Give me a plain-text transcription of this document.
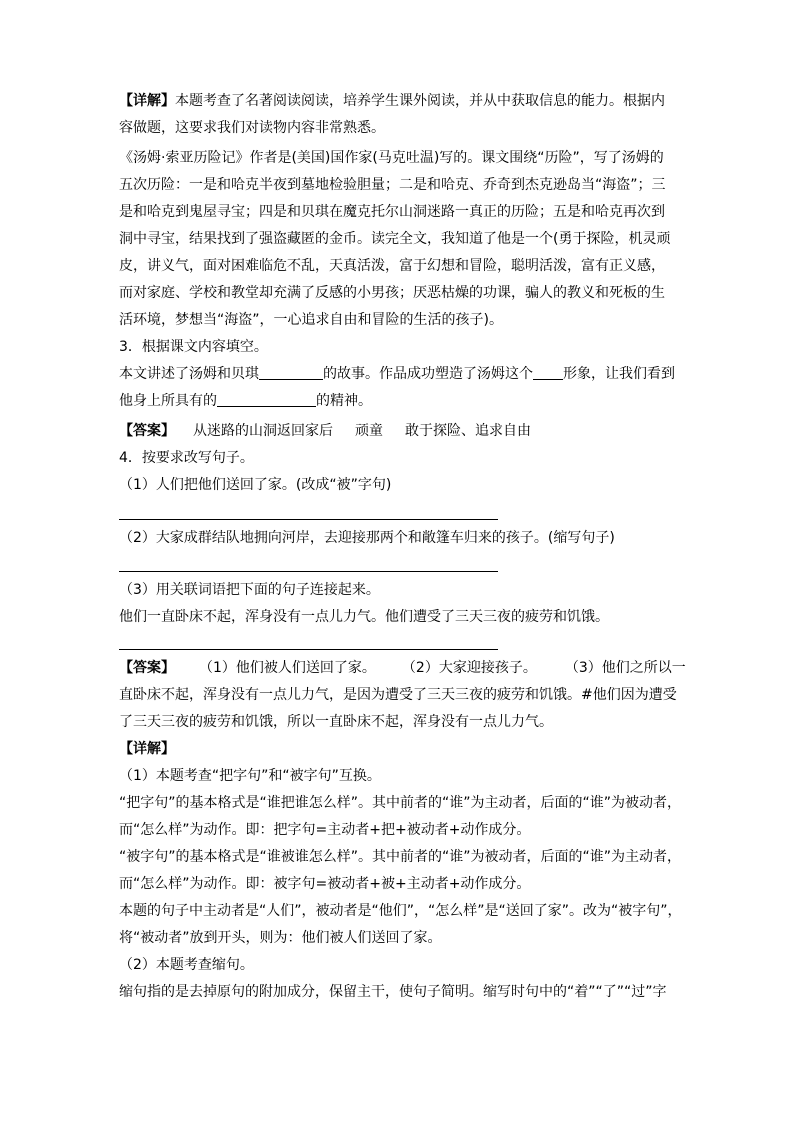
【详解】本题考查了名著阅读阅读，培养学生课外阅读，并从中获取信息的能力。根据内
容做题，这要求我们对读物内容非常熟悉。
《汤姆·索亚历险记》作者是(美国)国作家(马克吐温)写的。课文围绕“历险”，写了汤姆的
五次历险：一是和哈克半夜到墓地检验胆量；二是和哈克、乔奇到杰克逊岛当“海盗”；三
是和哈克到鬼屋寻宝；四是和贝琪在魔克托尔山洞迷路一真正的历险；五是和哈克再次到
洞中寻宝，结果找到了强盗藏匿的金币。读完全文，我知道了他是一个(勇于探险，机灵顽
皮，讲义气，面对困难临危不乱，天真活泼，富于幻想和冒险，聪明活泼，富有正义感，
而对家庭、学校和教堂却充满了反感的小男孩；厌恶枯燥的功课，骗人的教义和死板的生
活环境，梦想当“海盗”，一心追求自由和冒险的生活的孩子)。
3．根据课文内容填空。
本文讲述了汤姆和贝琪	的故事。作品成功塑造了汤姆这个 形象，让我们看到
他身上所具有的	的精神。
【答案】 从迷路的山洞返回家后 顽童 敢于探险、追求自由
4．按要求改写句子。
（1）人们把他们送回了家。(改成“被”字句)
（2）大家成群结队地拥向河岸，去迎接那两个和敞篷车归来的孩子。(缩写句子)
（3）用关联词语把下面的句子连接起来。
他们一直卧床不起，浑身没有一点儿力气。他们遭受了三天三夜的疲劳和饥饿。
【答案】 （1）他们被人们送回了家。 （2）大家迎接孩子。 （3）他们之所以一
直卧床不起，浑身没有一点儿力气，是因为遭受了三天三夜的疲劳和饥饿。#他们因为遭受
了三天三夜的疲劳和饥饿，所以一直卧床不起，浑身没有一点儿力气。
【详解】
（1）本题考查“把字句”和“被字句”互换。
“把字句”的基本格式是“谁把谁怎么样”。其中前者的“谁”为主动者，后面的“谁”为被动者，
而“怎么样”为动作。即：把字句=主动者+把+被动者+动作成分。
“被字句”的基本格式是“谁被谁怎么样”。其中前者的“谁”为被动者，后面的“谁”为主动者，
而“怎么样”为动作。即：被字句=被动者+被+主动者+动作成分。
本题的句子中主动者是“人们”，被动者是“他们”，“怎么样”是“送回了家”。改为“被字句”，
将“被动者”放到开头，则为：他们被人们送回了家。
（2）本题考查缩句。
缩句指的是去掉原句的附加成分，保留主干，使句子简明。缩写时句中的“着”“了”“过”字
